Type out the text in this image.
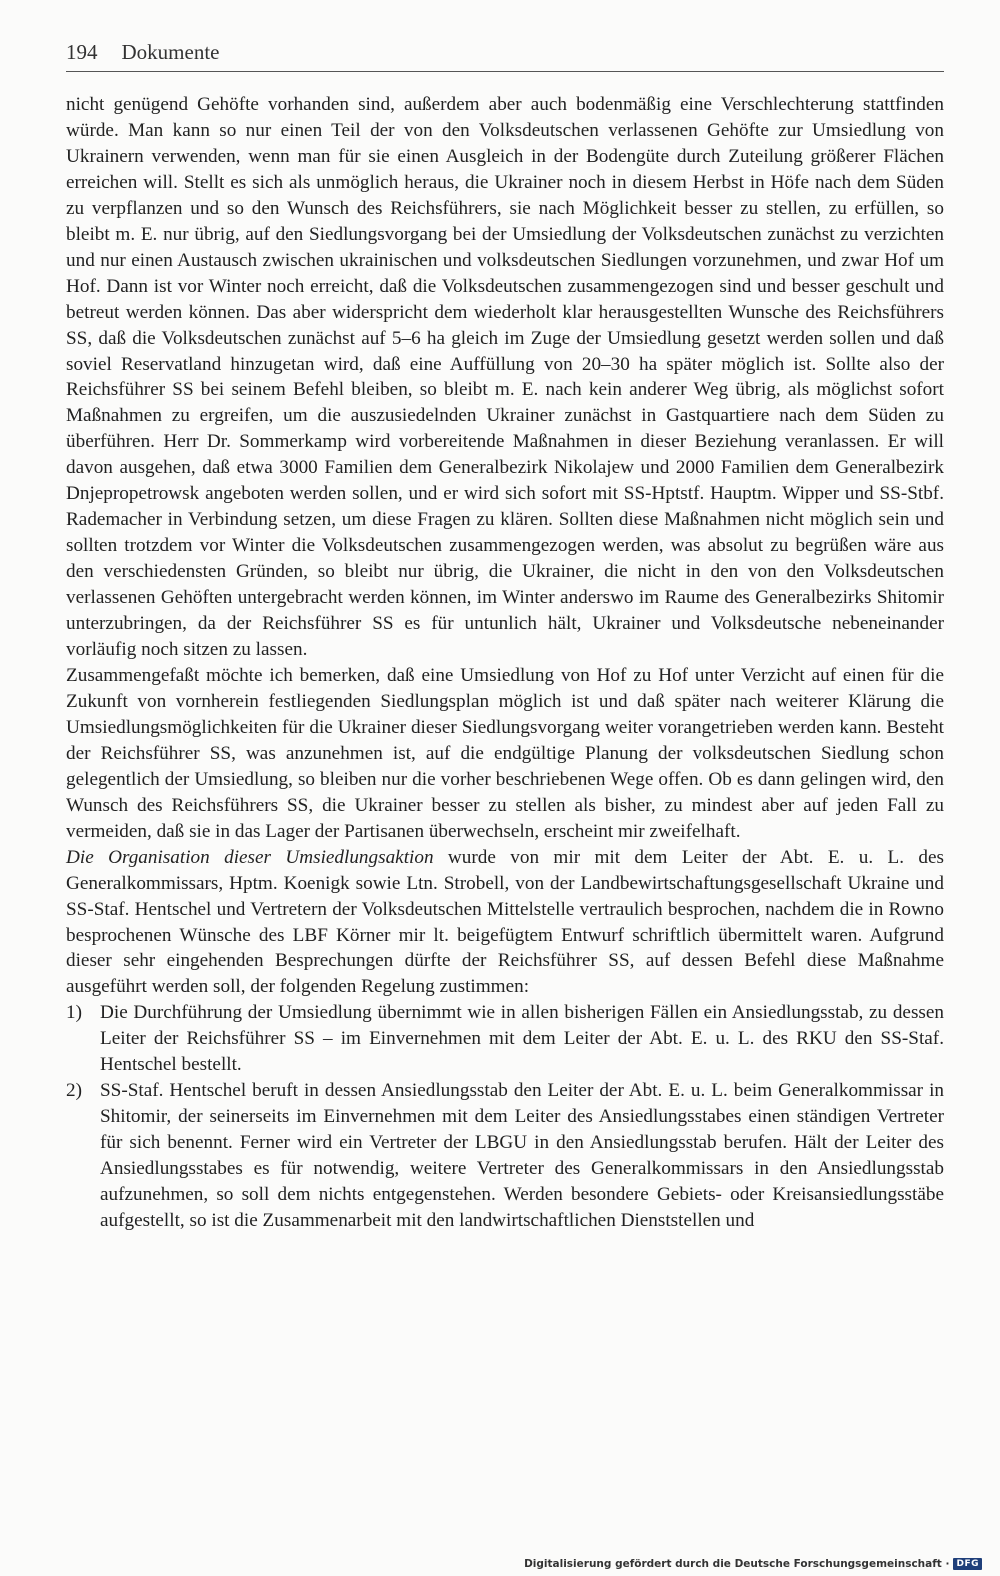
194 Dokumente

nicht genügend Gehöfte vorhanden sind, außerdem aber auch bodenmäßig eine Verschlechterung stattfinden würde. Man kann so nur einen Teil der von den Volksdeutschen verlassenen Gehöfte zur Umsiedlung von Ukrainern verwenden, wenn man für sie einen Ausgleich in der Bodengüte durch Zuteilung größerer Flächen erreichen will. Stellt es sich als unmöglich heraus, die Ukrainer noch in diesem Herbst in Höfe nach dem Süden zu verpflanzen und so den Wunsch des Reichsführers, sie nach Möglichkeit besser zu stellen, zu erfüllen, so bleibt m. E. nur übrig, auf den Siedlungsvorgang bei der Umsiedlung der Volksdeutschen zunächst zu verzichten und nur einen Austausch zwischen ukrainischen und volksdeutschen Siedlungen vorzunehmen, und zwar Hof um Hof. Dann ist vor Winter noch erreicht, daß die Volksdeutschen zusammengezogen sind und besser geschult und betreut werden können. Das aber widerspricht dem wiederholt klar herausgestellten Wunsche des Reichsführers SS, daß die Volksdeutschen zunächst auf 5–6 ha gleich im Zuge der Umsiedlung gesetzt werden sollen und daß soviel Reservatland hinzugetan wird, daß eine Auffüllung von 20–30 ha später möglich ist. Sollte also der Reichsführer SS bei seinem Befehl bleiben, so bleibt m. E. nach kein anderer Weg übrig, als möglichst sofort Maßnahmen zu ergreifen, um die auszusiedelnden Ukrainer zunächst in Gastquartiere nach dem Süden zu überführen. Herr Dr. Sommerkamp wird vorbereitende Maßnahmen in dieser Beziehung veranlassen. Er will davon ausgehen, daß etwa 3000 Familien dem Generalbezirk Nikolajew und 2000 Familien dem Generalbezirk Dnjepropetrowsk angeboten werden sollen, und er wird sich sofort mit SS-Hptstf. Hauptm. Wipper und SS-Stbf. Rademacher in Verbindung setzen, um diese Fragen zu klären. Sollten diese Maßnahmen nicht möglich sein und sollten trotzdem vor Winter die Volksdeutschen zusammengezogen werden, was absolut zu begrüßen wäre aus den verschiedensten Gründen, so bleibt nur übrig, die Ukrainer, die nicht in den von den Volksdeutschen verlassenen Gehöften untergebracht werden können, im Winter anderswo im Raume des Generalbezirks Shitomir unterzubringen, da der Reichsführer SS es für untunlich hält, Ukrainer und Volksdeutsche nebeneinander vorläufig noch sitzen zu lassen.

Zusammengefaßt möchte ich bemerken, daß eine Umsiedlung von Hof zu Hof unter Verzicht auf einen für die Zukunft von vornherein festliegenden Siedlungsplan möglich ist und daß später nach weiterer Klärung die Umsiedlungsmöglichkeiten für die Ukrainer dieser Siedlungsvorgang weiter vorangetrieben werden kann. Besteht der Reichsführer SS, was anzunehmen ist, auf die endgültige Planung der volksdeutschen Siedlung schon gelegentlich der Umsiedlung, so bleiben nur die vorher beschriebenen Wege offen. Ob es dann gelingen wird, den Wunsch des Reichsführers SS, die Ukrainer besser zu stellen als bisher, zu mindest aber auf jeden Fall zu vermeiden, daß sie in das Lager der Partisanen überwechseln, erscheint mir zweifelhaft.

Die Organisation dieser Umsiedlungsaktion wurde von mir mit dem Leiter der Abt. E. u. L. des Generalkommissars, Hptm. Koenigk sowie Ltn. Strobell, von der Landbewirtschaftungsgesellschaft Ukraine und SS-Staf. Hentschel und Vertretern der Volksdeutschen Mittelstelle vertraulich besprochen, nachdem die in Rowno besprochenen Wünsche des LBF Körner mir lt. beigefügtem Entwurf schriftlich übermittelt waren. Aufgrund dieser sehr eingehenden Besprechungen dürfte der Reichsführer SS, auf dessen Befehl diese Maßnahme ausgeführt werden soll, der folgenden Regelung zustimmen:

1) Die Durchführung der Umsiedlung übernimmt wie in allen bisherigen Fällen ein Ansiedlungsstab, zu dessen Leiter der Reichsführer SS – im Einvernehmen mit dem Leiter der Abt. E. u. L. des RKU den SS-Staf. Hentschel bestellt.
2) SS-Staf. Hentschel beruft in dessen Ansiedlungsstab den Leiter der Abt. E. u. L. beim Generalkommissar in Shitomir, der seinerseits im Einvernehmen mit dem Leiter des Ansiedlungsstabes einen ständigen Vertreter für sich benennt. Ferner wird ein Vertreter der LBGU in den Ansiedlungsstab berufen. Hält der Leiter des Ansiedlungsstabes es für notwendig, weitere Vertreter des Generalkommissars in den Ansiedlungsstab aufzunehmen, so soll dem nichts entgegenstehen. Werden besondere Gebiets- oder Kreisansiedlungsstäbe aufgestellt, so ist die Zusammenarbeit mit den landwirtschaftlichen Dienststellen und
Digitalisierung gefördert durch die Deutsche Forschungsgemeinschaft · DFG
